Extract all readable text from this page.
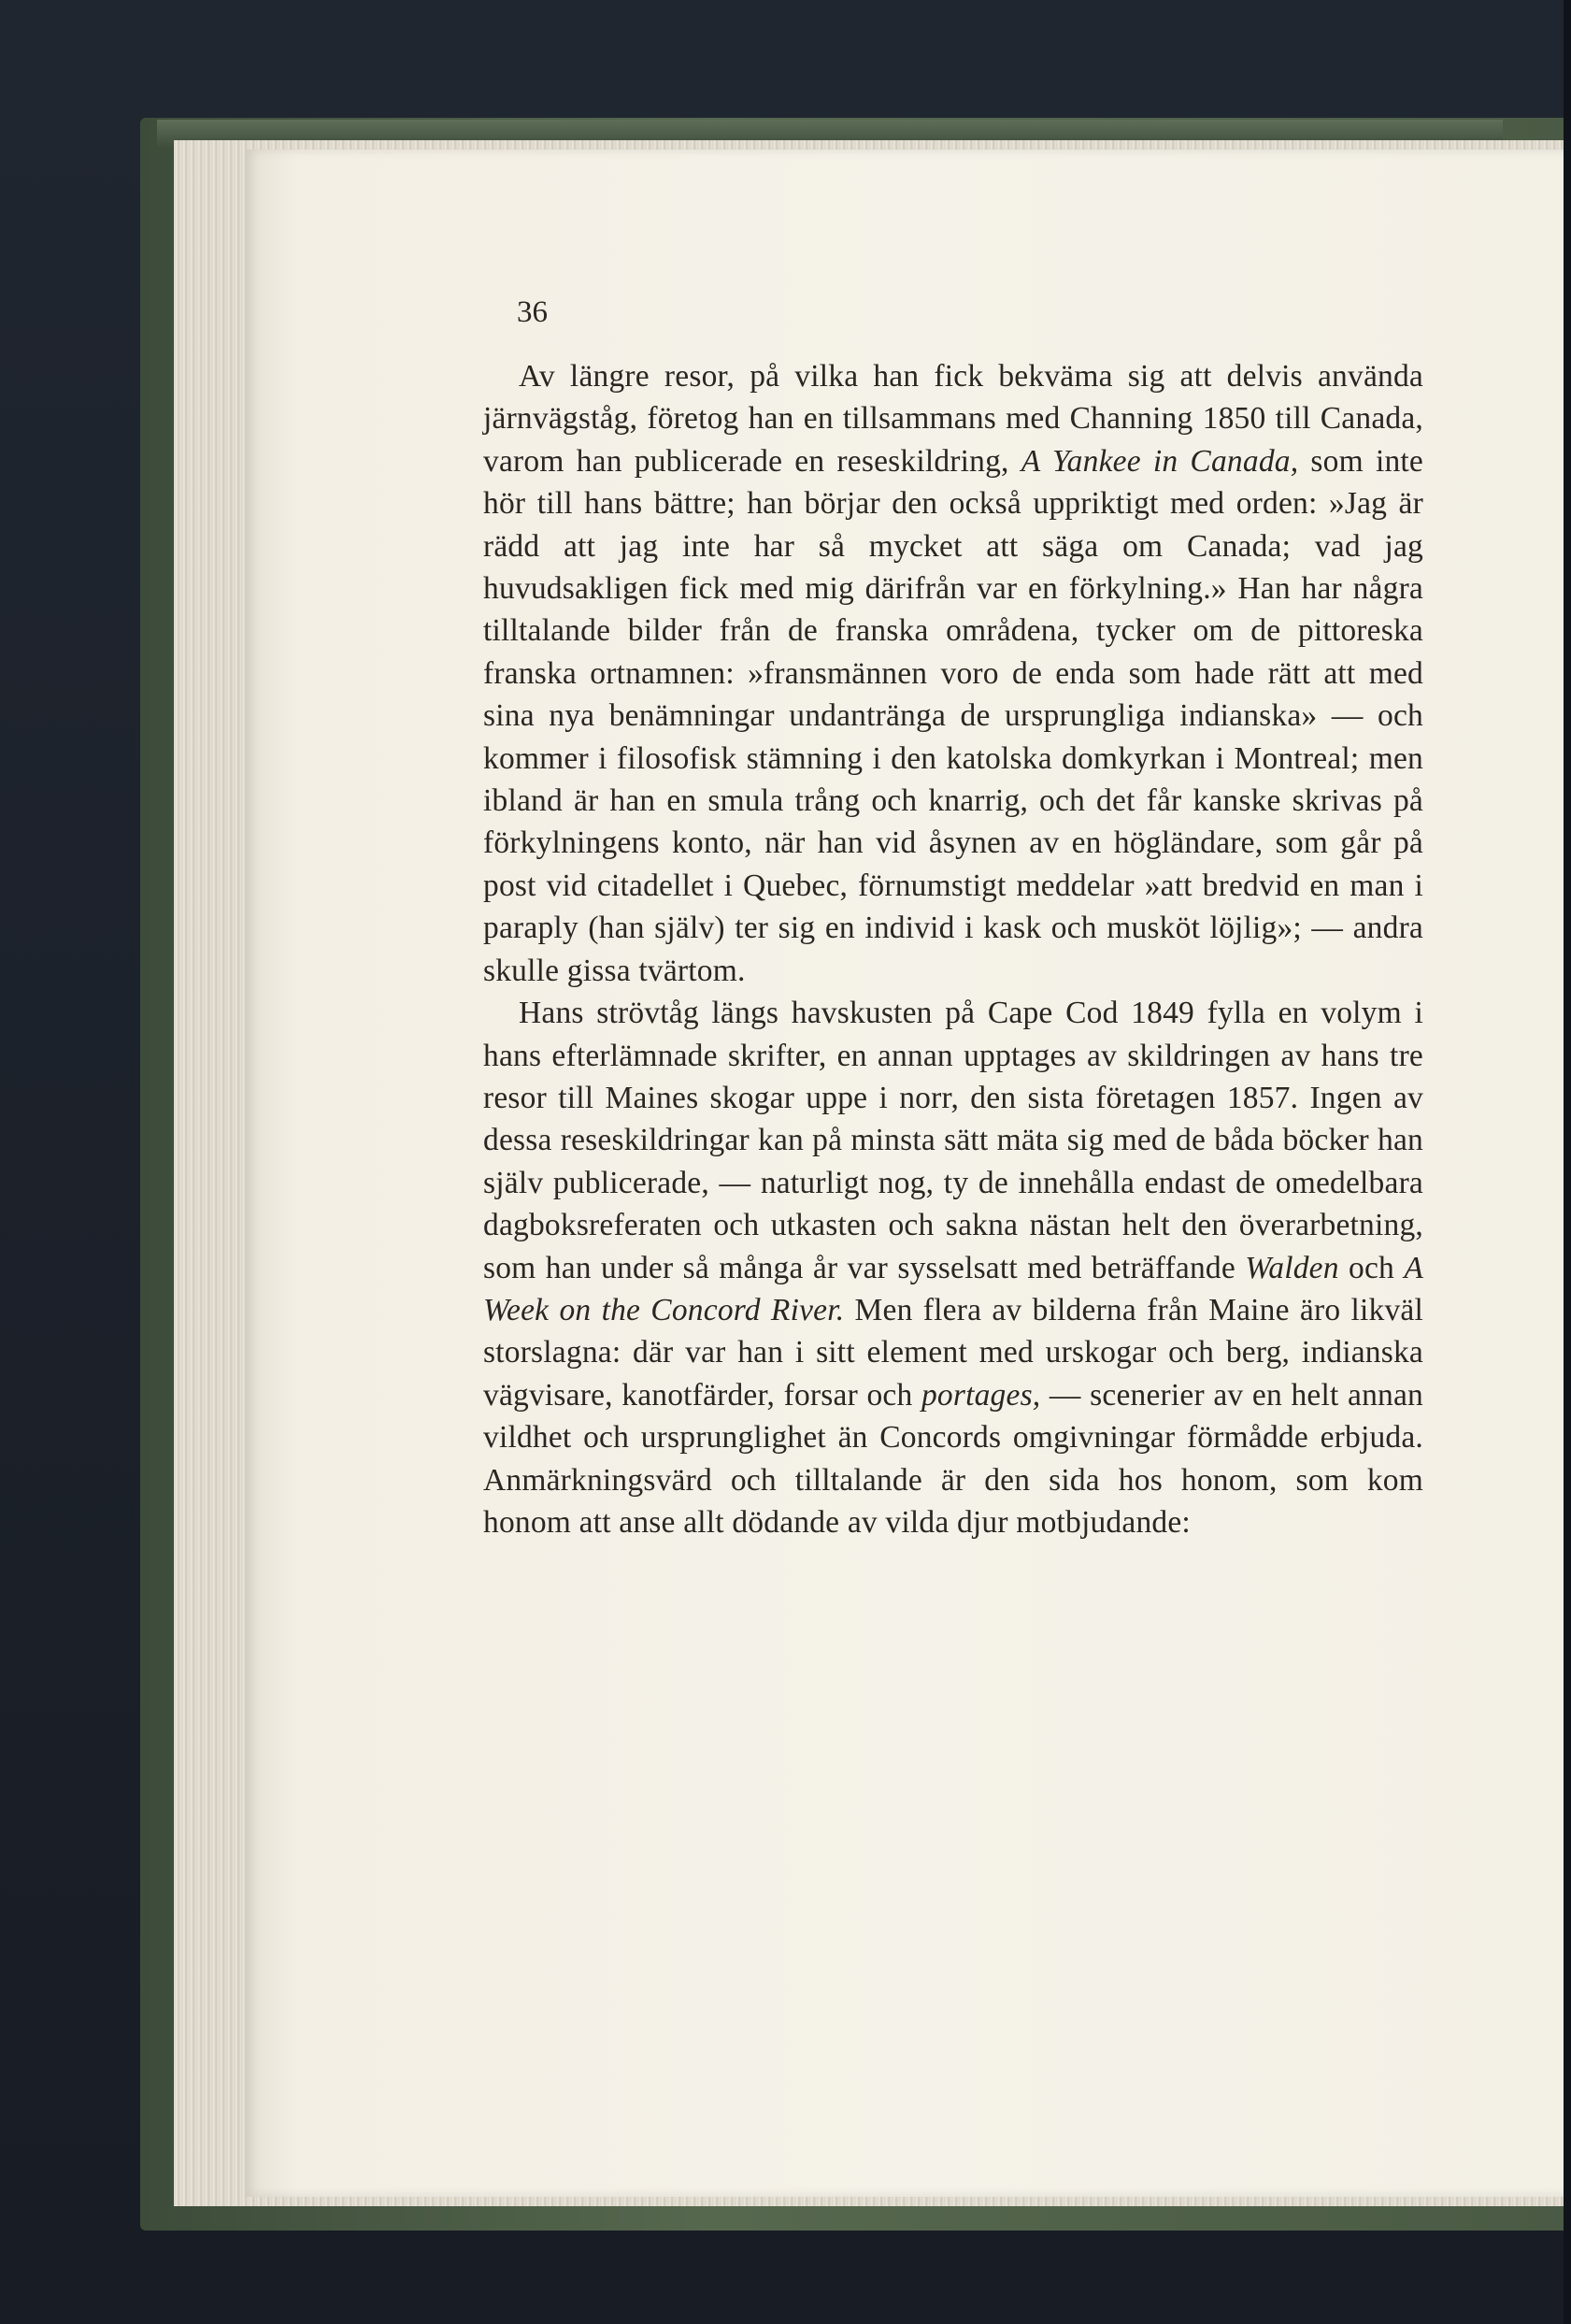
36

Av längre resor, på vilka han fick bekväma sig att delvis använda järnvägståg, företog han en tillsammans med Channing 1850 till Canada, varom han publicerade en reseskildring, A Yankee in Canada, som inte hör till hans bättre; han börjar den också uppriktigt med orden: »Jag är rädd att jag inte har så mycket att säga om Canada; vad jag huvudsakligen fick med mig därifrån var en förkylning.» Han har några tilltalande bilder från de franska områdena, tycker om de pittoreska franska ortnamnen: »fransmännen voro de enda som hade rätt att med sina nya benämningar undantränga de ursprungliga indianska» — och kommer i filosofisk stämning i den katolska domkyrkan i Montreal; men ibland är han en smula trång och knarrig, och det får kanske skrivas på förkylningens konto, när han vid åsynen av en högländare, som går på post vid citadellet i Quebec, förnumstigt meddelar »att bredvid en man i paraply (han själv) ter sig en individ i kask och musköt löjlig»; — andra skulle gissa tvärtom.

Hans strövtåg längs havskusten på Cape Cod 1849 fylla en volym i hans efterlämnade skrifter, en annan upptages av skildringen av hans tre resor till Maines skogar uppe i norr, den sista företagen 1857. Ingen av dessa reseskildringar kan på minsta sätt mäta sig med de båda böcker han själv publicerade, — naturligt nog, ty de innehålla endast de omedelbara dagboksreferaten och utkasten och sakna nästan helt den överarbetning, som han under så många år var sysselsatt med beträffande Walden och A Week on the Concord River. Men flera av bilderna från Maine äro likväl storslagna: där var han i sitt element med urskogar och berg, indianska vägvisare, kanotfärder, forsar och portages, — scenerier av en helt annan vildhet och ursprunglighet än Concords omgivningar förmådde erbjuda. Anmärkningsvärd och tilltalande är den sida hos honom, som kom honom att anse allt dödande av vilda djur motbjudande:
